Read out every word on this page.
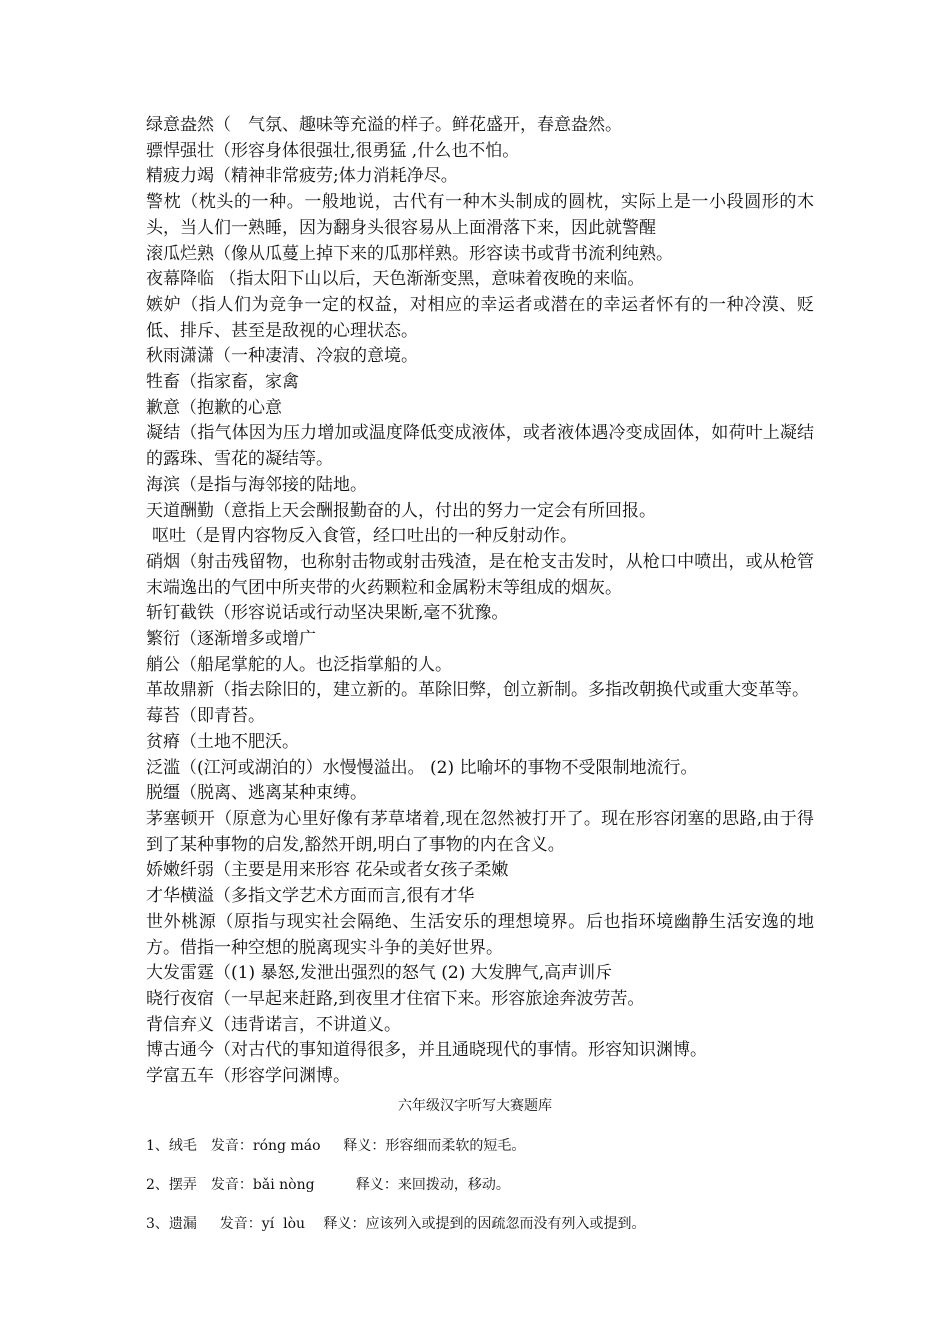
绿意盎然（　气氛、趣味等充溢的样子。鲜花盛开，春意盎然。

骠悍强壮（形容身体很强壮,很勇猛 ,什么也不怕。

精疲力竭（精神非常疲劳;体力消耗净尽。

警枕（枕头的一种。一般地说，古代有一种木头制成的圆枕，实际上是一小段圆形的木头，当人们一熟睡，因为翻身头很容易从上面滑落下来，因此就警醒

滚瓜烂熟（像从瓜蔓上掉下来的瓜那样熟。形容读书或背书流利纯熟。

夜幕降临 （指太阳下山以后，天色渐渐变黑，意味着夜晚的来临。

嫉妒（指人们为竞争一定的权益，对相应的幸运者或潜在的幸运者怀有的一种冷漠、贬低、排斥、甚至是敌视的心理状态。

秋雨潇潇（一种凄清、冷寂的意境。

牲畜（指家畜，家禽

歉意（抱歉的心意

凝结（指气体因为压力增加或温度降低变成液体，或者液体遇冷变成固体，如荷叶上凝结的露珠、雪花的凝结等。

海滨（是指与海邻接的陆地。

天道酬勤（意指上天会酬报勤奋的人，付出的努力一定会有所回报。

呕吐（是胃内容物反入食管，经口吐出的一种反射动作。

硝烟（射击残留物，也称射击物或射击残渣，是在枪支击发时，从枪口中喷出，或从枪管末端逸出的气团中所夹带的火药颗粒和金属粉末等组成的烟灰。

斩钉截铁（形容说话或行动坚决果断,毫不犹豫。

繁衍（逐渐增多或增广

艄公（船尾掌舵的人。也泛指掌船的人。

革故鼎新（指去除旧的，建立新的。革除旧弊，创立新制。多指改朝换代或重大变革等。

莓苔（即青苔。

贫瘠（土地不肥沃。

泛滥（(江河或湖泊的）水慢慢溢出。 (2) 比喻坏的事物不受限制地流行。

脱缰（脱离、逃离某种束缚。

茅塞顿开（原意为心里好像有茅草堵着,现在忽然被打开了。现在形容闭塞的思路,由于得到了某种事物的启发,豁然开朗,明白了事物的内在含义。

娇嫩纤弱（主要是用来形容 花朵或者女孩子柔嫩

才华横溢（多指文学艺术方面而言,很有才华

世外桃源（原指与现实社会隔绝、生活安乐的理想境界。后也指环境幽静生活安逸的地方。借指一种空想的脱离现实斗争的美好世界。

大发雷霆（(1) 暴怒,发泄出强烈的怒气 (2) 大发脾气,高声训斥

晓行夜宿（一早起来赶路,到夜里才住宿下来。形容旅途奔波劳苦。

背信弃义（违背诺言，不讲道义。

博古通今（对古代的事知道得很多，并且通晓现代的事情。形容知识渊博。

学富五车（形容学问渊博。

六年级汉字听写大赛题库
1、绒毛　发音：róng máo　  释义：形容细而柔软的短毛。
2、摆弄　发音：bǎi nòng　 　  释义：来回拨动，移动。
3、遗漏　  发音：yí  lòu　 释义：应该列入或提到的因疏忽而没有列入或提到。
